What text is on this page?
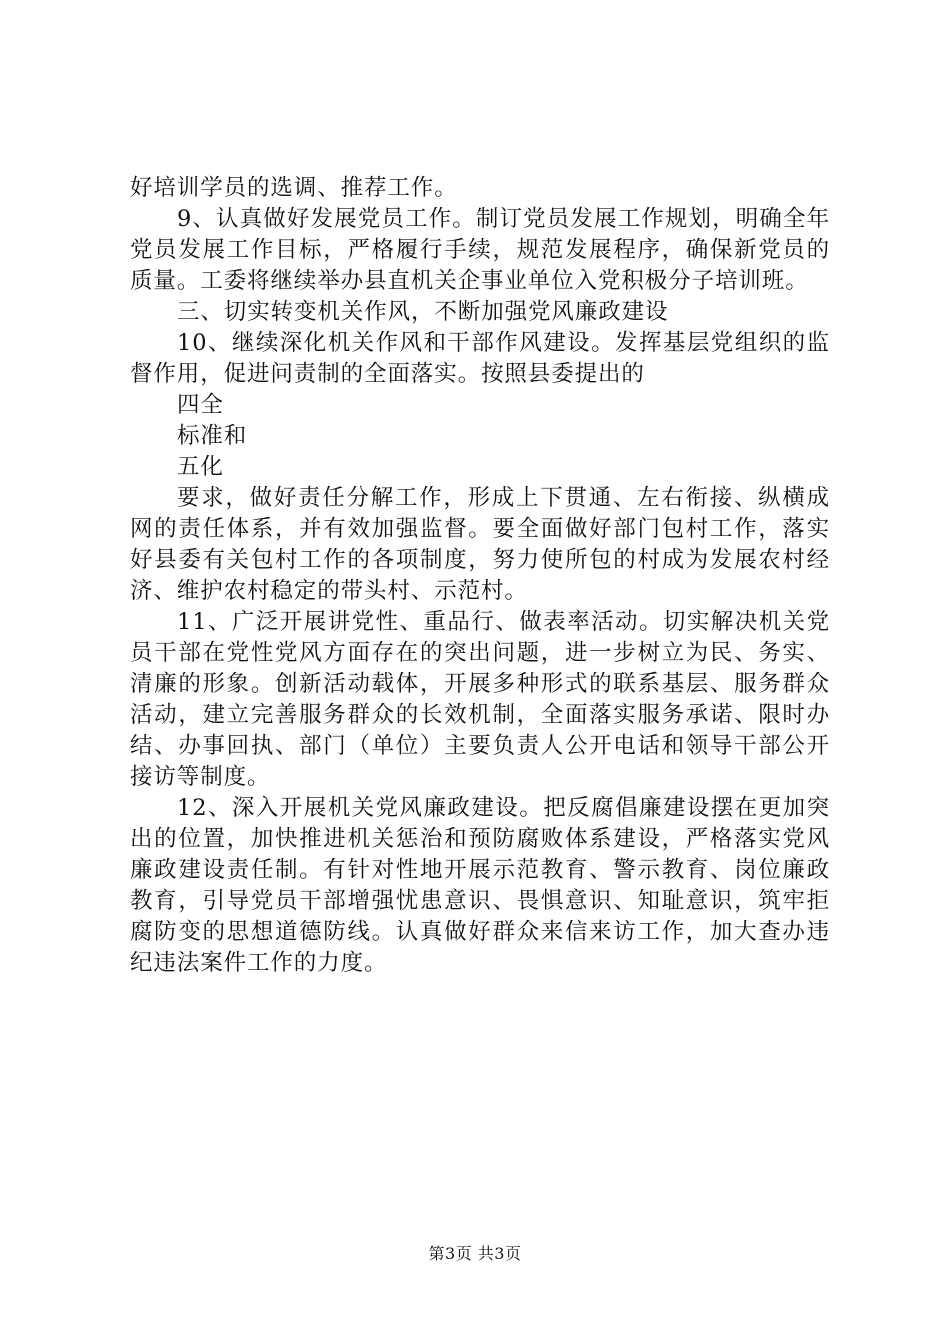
好培训学员的选调、推荐工作。

9、认真做好发展党员工作。制订党员发展工作规划，明确全年党员发展工作目标，严格履行手续，规范发展程序，确保新党员的质量。工委将继续举办县直机关企事业单位入党积极分子培训班。

三、切实转变机关作风，不断加强党风廉政建设

10、继续深化机关作风和干部作风建设。发挥基层党组织的监督作用，促进问责制的全面落实。按照县委提出的

四全

标准和

五化

要求，做好责任分解工作，形成上下贯通、左右衔接、纵横成网的责任体系，并有效加强监督。要全面做好部门包村工作，落实好县委有关包村工作的各项制度，努力使所包的村成为发展农村经济、维护农村稳定的带头村、示范村。

11、广泛开展讲党性、重品行、做表率活动。切实解决机关党员干部在党性党风方面存在的突出问题，进一步树立为民、务实、清廉的形象。创新活动载体，开展多种形式的联系基层、服务群众活动，建立完善服务群众的长效机制，全面落实服务承诺、限时办结、办事回执、部门（单位）主要负责人公开电话和领导干部公开接访等制度。

12、深入开展机关党风廉政建设。把反腐倡廉建设摆在更加突出的位置，加快推进机关惩治和预防腐败体系建设，严格落实党风廉政建设责任制。有针对性地开展示范教育、警示教育、岗位廉政教育，引导党员干部增强忧患意识、畏惧意识、知耻意识，筑牢拒腐防变的思想道德防线。认真做好群众来信来访工作，加大查办违纪违法案件工作的力度。

第3页 共3页
